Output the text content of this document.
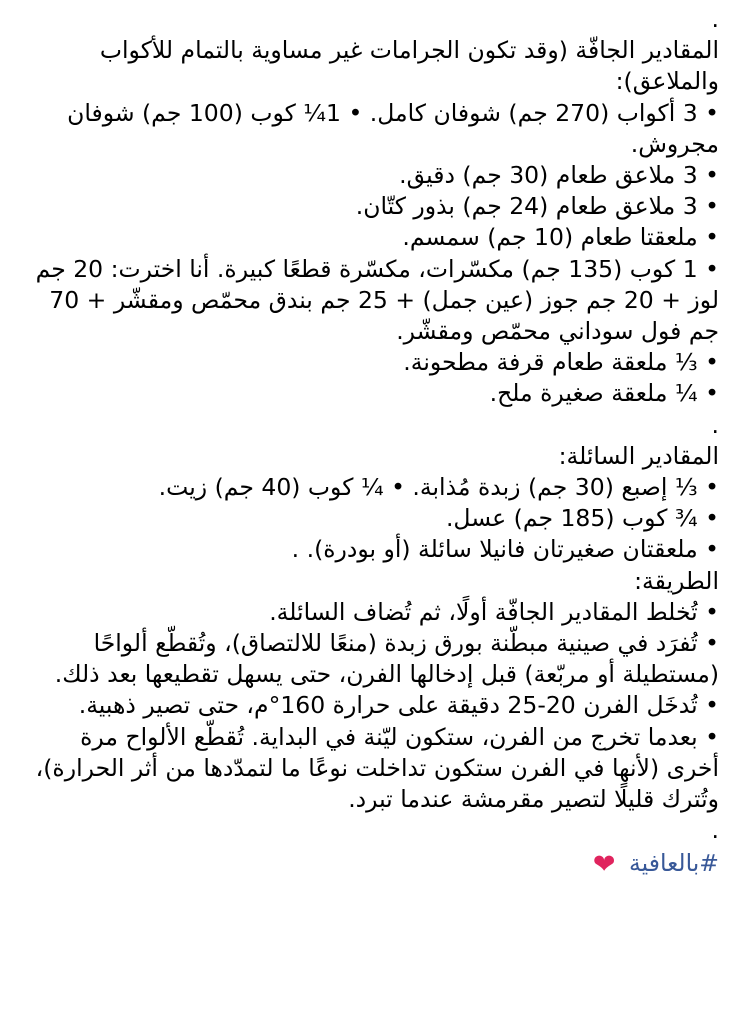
.

المقادير الجافّة (وقد تكون الجرامات غير مساوية بالتمام للأكواب والملاعق):

• 3 أكواب (270 جم) شوفان كامل. • 1¼ كوب (100 جم) شوفان مجروش.

• 3 ملاعق طعام (30 جم) دقيق.

• 3 ملاعق طعام (24 جم) بذور كتّان.

• ملعقتا طعام (10 جم) سمسم.

• 1 كوب (135 جم) مكسّرات، مكسّرة قطعًا كبيرة. أنا اخترت: 20 جم لوز + 20 جم جوز (عين جمل) + 25 جم بندق محمّص ومقشّر + 70 جم فول سوداني محمّص ومقشّر.

• ⅓ ملعقة طعام قرفة مطحونة.

• ¼ ملعقة صغيرة ملح.

.

المقادير السائلة:

• ⅓ إصبع (30 جم) زبدة مُذابة. • ¼ كوب (40 جم) زيت.

• ¾ كوب (185 جم) عسل.

• ملعقتان صغيرتان فانيلا سائلة (أو بودرة). .

الطريقة:

• تُخلط المقادير الجافّة أولًا، ثم تُضاف السائلة.

• تُفرَد في صينية مبطّنة بورق زبدة (منعًا للالتصاق)، وتُقطّع ألواحًا (مستطيلة أو مربّعة) قبل إدخالها الفرن، حتى يسهل تقطيعها بعد ذلك.

• تُدخَل الفرن 20-25 دقيقة على حرارة 160°م، حتى تصير ذهبية.

• بعدما تخرج من الفرن، ستكون ليّنة في البداية. تُقطّع الألواح مرة أخرى (لأنها في الفرن ستكون تداخلت نوعًا ما لتمدّدها من أثر الحرارة)، وتُترك قليلًا لتصير مقرمشة عندما تبرد.

.

#بالعافية ❤
